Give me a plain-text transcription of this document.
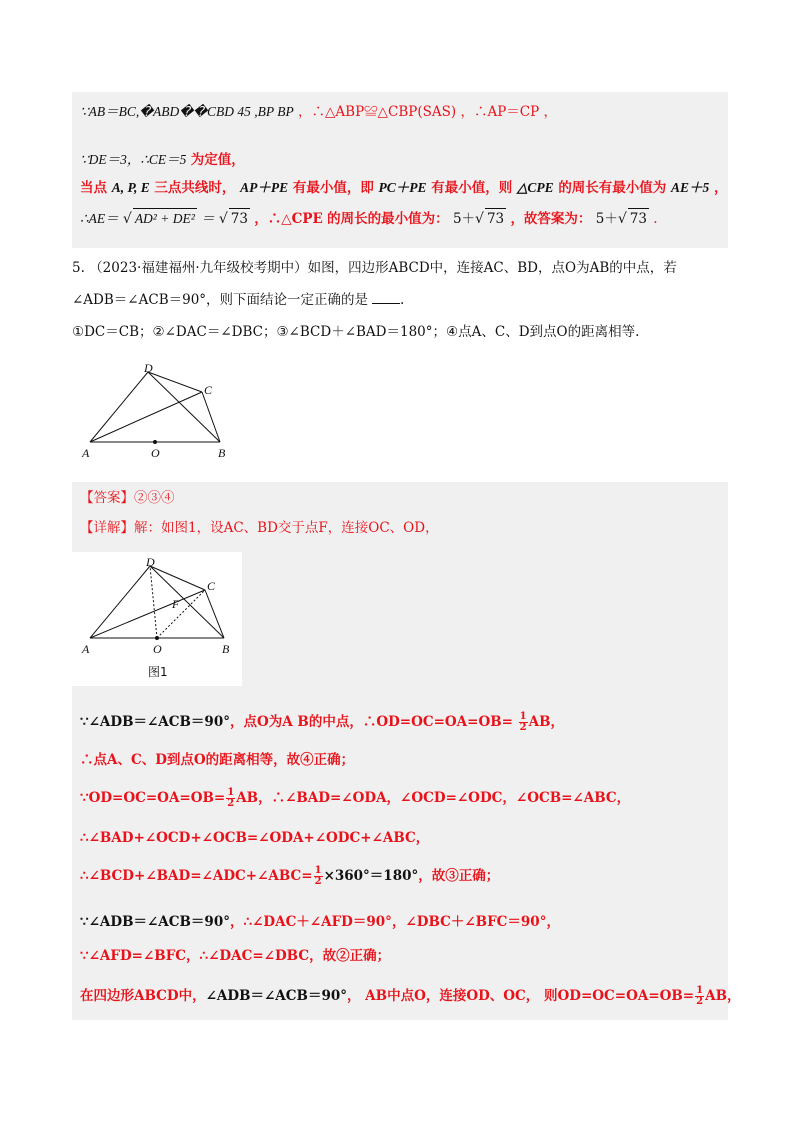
∵AB＝BC,�ABD��CBD 45 ,BP BP ，∴△ABP≌△CBP(SAS) ，∴AP＝CP ，
∵DE＝3，∴CE＝5 为定值，
当点 A, P, E 三点共线时， AP＋PE 有最小值，即 PC＋PE 有最小值，则 △CPE 的周长有最小值为 AE＋5 ，
∴AE＝ √ AD² + DE² ＝ √ 73 ，∴△CPE 的周长的最小值为： 5＋√ 73 ，故答案为： 5＋√ 73 .
5. （2023·福建福州·九年级校考期中）如图，四边形ABCD中，连接AC、BD，点O为AB的中点，若
∠ADB＝∠ACB＝90°，则下面结论一定正确的是 .
①DC＝CB；②∠DAC＝∠DBC；③∠BCD＋∠BAD＝180°；④点A、C、D到点O的距离相等.
D
C
A	O	B
【答案】②③④
【详解】解：如图1，设AC、BD交于点F，连接OC、OD，
D
C
F
A	O	B
图1
∵∠ADB＝∠ACB＝90°，点O为A B的中点，∴OD=OC=OA=OB= $\frac{1}{2}$ AB，
∴点A、C、D到点O的距离相等，故④正确；
∵OD=OC=OA=OB= $\frac{1}{2}$ AB，∴∠BAD=∠ODA，∠OCD=∠ODC，∠OCB=∠ABC，
∴∠BAD+∠OCD+∠OCB=∠ODA+∠ODC+∠ABC，
∴∠BCD+∠BAD=∠ADC+∠ABC= $\frac{1}{2} \times 360^\circ=180^\circ$，故③正确；
∵∠ADB＝∠ACB＝90°，∴∠DAC＋∠AFD＝90°，∠DBC＋∠BFC＝90°，
∵∠AFD=∠BFC，∴∠DAC=∠DBC，故②正确；
在四边形ABCD中，∠ADB＝∠ACB＝90°， AB中点O，连接OD、OC， 则$OD=OC=OA=OB= \frac{1}{2}$ AB，
